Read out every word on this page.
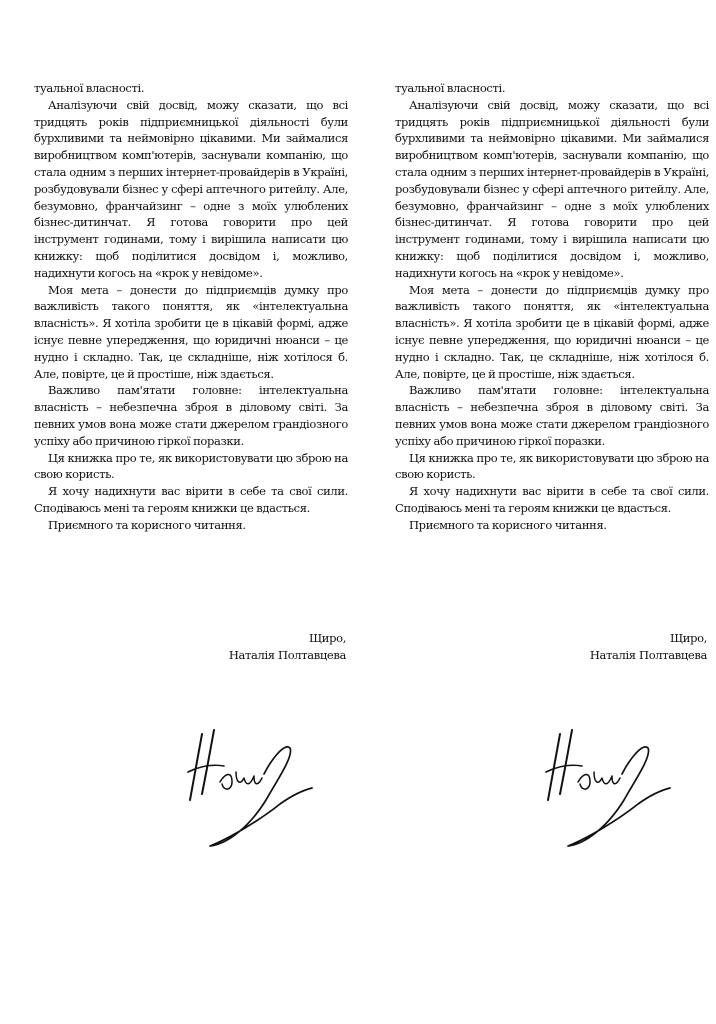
туальної власності.

Аналізуючи свій досвід, можу сказати, що всі тридцять років підприємницької діяльності були бурхливими та неймовірно цікавими. Ми займалися виробництвом комп'ютерів, заснували компанію, що стала одним з перших інтернет-провайдерів в Україні, розбудовували бізнес у сфері аптечного ритейлу. Але, безумовно, франчайзинг – одне з моїх улюблених бізнес-дитинчат. Я готова говорити про цей інструмент годинами, тому і вирішила написати цю книжку: щоб поділитися досвідом і, можливо, надихнути когось на «крок у невідоме».

Моя мета – донести до підприємців думку про важливість такого поняття, як «інтелектуальна власність». Я хотіла зробити це в цікавій формі, адже існує певне упередження, що юридичні нюанси – це нудно і складно. Так, це складніше, ніж хотілося б. Але, повірте, це й простіше, ніж здається.

Важливо пам'ятати головне: інтелектуальна власність – небезпечна зброя в діловому світі. За певних умов вона може стати джерелом грандіозного успіху або причиною гіркої поразки.

Ця книжка про те, як використовувати цю зброю на свою користь.

Я хочу надихнути вас вірити в себе та свої сили. Сподіваюсь мені та героям книжки це вдасться.

Приємного та корисного читання.

Щиро,
Наталія Полтавцева

туальної власності.

Аналізуючи свій досвід, можу сказати, що всі тридцять років підприємницької діяльності були бурхливими та неймовірно цікавими. Ми займалися виробництвом комп'ютерів, заснували компанію, що стала одним з перших інтернет-провайдерів в Україні, розбудовували бізнес у сфері аптечного ритейлу. Але, безумовно, франчайзинг – одне з моїх улюблених бізнес-дитинчат. Я готова говорити про цей інструмент годинами, тому і вирішила написати цю книжку: щоб поділитися досвідом і, можливо, надихнути когось на «крок у невідоме».

Моя мета – донести до підприємців думку про важливість такого поняття, як «інтелектуальна власність». Я хотіла зробити це в цікавій формі, адже існує певне упередження, що юридичні нюанси – це нудно і складно. Так, це складніше, ніж хотілося б. Але, повірте, це й простіше, ніж здається.

Важливо пам'ятати головне: інтелектуальна власність – небезпечна зброя в діловому світі. За певних умов вона може стати джерелом грандіозного успіху або причиною гіркої поразки.

Ця книжка про те, як використовувати цю зброю на свою користь.

Я хочу надихнути вас вірити в себе та свої сили. Сподіваюсь мені та героям книжки це вдасться.

Приємного та корисного читання.

Щиро,
Наталія Полтавцева
